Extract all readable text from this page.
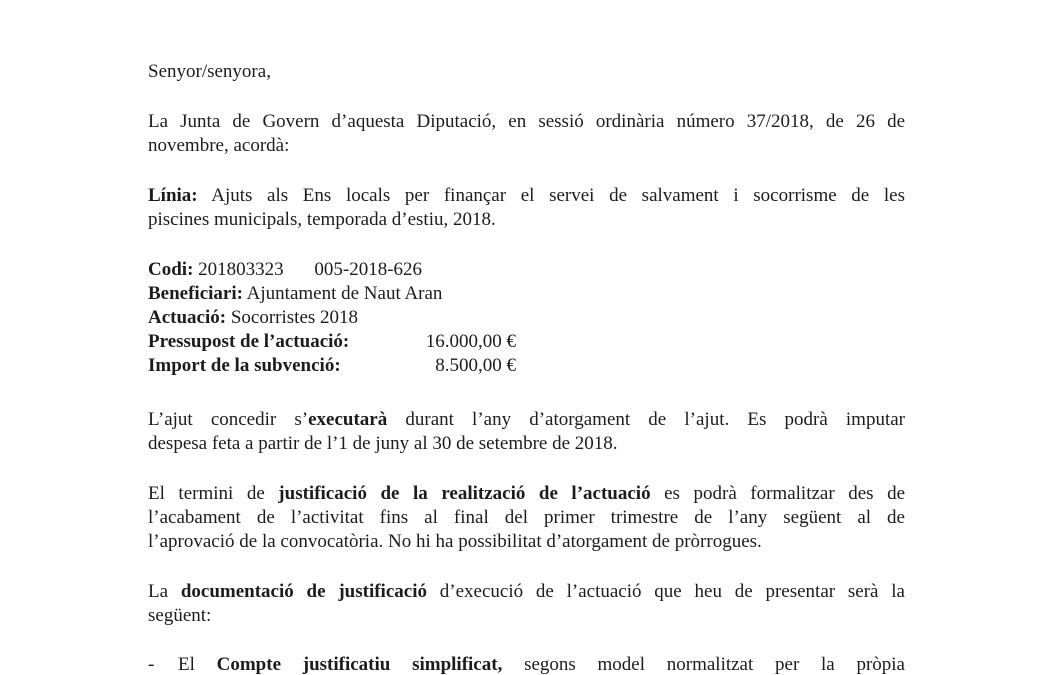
Senyor/senyora,
La Junta de Govern d’aquesta Diputació, en sessió ordinària número 37/2018, de 26 de
novembre, acordà:
Línia: Ajuts als Ens locals per finançar el servei de salvament i socorrisme de les
piscines municipals, temporada d’estiu, 2018.
Codi: 201803323 005-2018-626
Beneficiari: Ajuntament de Naut Aran
Actuació: Socorristes 2018
Pressupost de l’actuació:	16.000,00 €
Import de la subvenció:	8.500,00 €
L’ajut concedir s’executarà durant l’any d’atorgament de l’ajut. Es podrà imputar
despesa feta a partir de l’1 de juny al 30 de setembre de 2018.
El termini de justificació de la realització de l’actuació es podrà formalitzar des de
l’acabament de l’activitat fins al final del primer trimestre de l’any següent al de
l’aprovació de la convocatòria. No hi ha possibilitat d’atorgament de pròrrogues.
La documentació de justificació d’execució de l’actuació que heu de presentar serà la
següent:
-	El Compte justificatiu simplificat, segons model normalitzat per la pròpia
